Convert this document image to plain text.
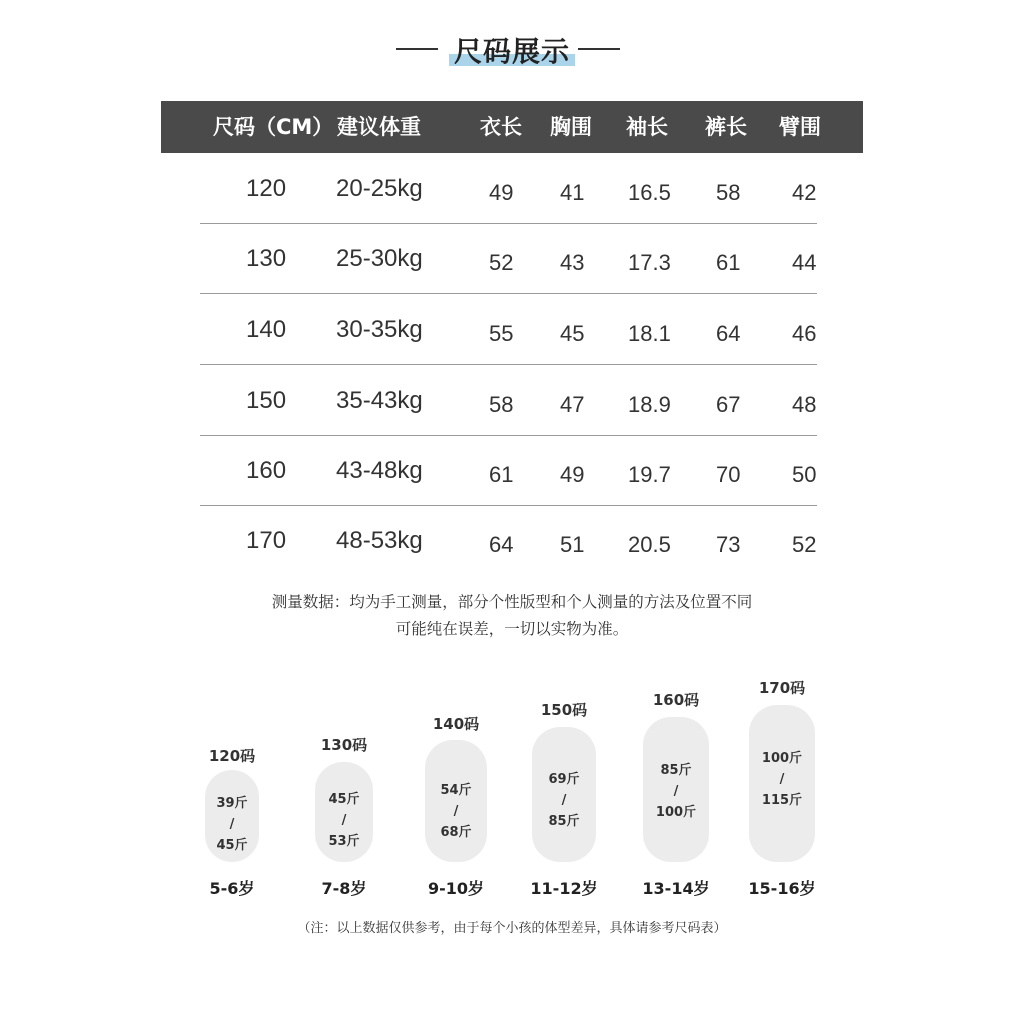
尺码展示
尺码（CM） 建议体重	衣长 胸围 袖长 裤长 臂围
120 20-25kg	49 41 16.5 58 42
130 25-30kg	52 43 17.3 61 44
140 30-35kg	55 45 18.1 64 46
150 35-43kg	58 47 18.9 67 48
160 43-48kg	61 49 19.7 70 50
170 48-53kg	64 51 20.5 73 52
测量数据：均为手工测量，部分个性版型和个人测量的方法及位置不同
可能纯在误差，一切以实物为准。
120码
39斤
/
45斤
5-6岁
130码
45斤
/
53斤
7-8岁
140码
54斤
/
68斤
9-10岁
150码
69斤
/
85斤
11-12岁
160码
85斤
/
100斤
13-14岁
170码
100斤
/
115斤
15-16岁
（注：以上数据仅供参考，由于每个小孩的体型差异，具体请参考尺码表）
